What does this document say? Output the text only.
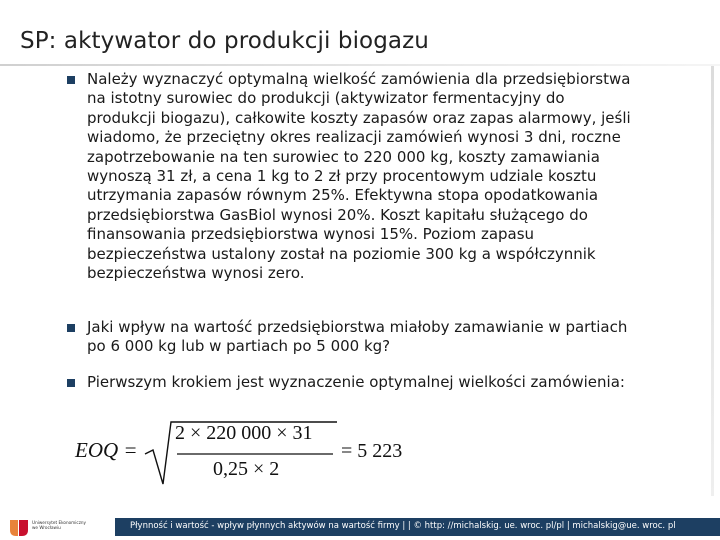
SP: aktywator do produkcji biogazu
Należy wyznaczyć optymalną wielkość zamówienia dla przedsiębiorstwa
na istotny surowiec do produkcji (aktywizator fermentacyjny do
produkcji biogazu), całkowite koszty zapasów oraz zapas alarmowy, jeśli
wiadomo, że przeciętny okres realizacji zamówień wynosi 3 dni, roczne
zapotrzebowanie na ten surowiec to 220 000 kg, koszty zamawiania
wynoszą 31 zł, a cena 1 kg to 2 zł przy procentowym udziale kosztu
utrzymania zapasów równym 25%. Efektywna stopa opodatkowania
przedsiębiorstwa GasBiol wynosi 20%. Koszt kapitału służącego do
finansowania przedsiębiorstwa wynosi 15%. Poziom zapasu
bezpieczeństwa ustalony został na poziomie 300 kg a współczynnik
bezpieczeństwa wynosi zero.
Jaki wpływ na wartość przedsiębiorstwa miałoby zamawianie w partiach
po 6 000 kg lub w partiach po 5 000 kg?
Pierwszym krokiem jest wyznaczenie optymalnej wielkości zamówienia:
EOQ =
2 × 220 000 × 31
0,25 × 2
= 5 223
Uniwersytet Ekonomiczny
we Wrocławiu	Płynność i wartość - wpływ płynnych aktywów na wartość firmy | | © http: //michalskig. ue. wroc. pl/pl | michalskig@ue. wroc. pl
